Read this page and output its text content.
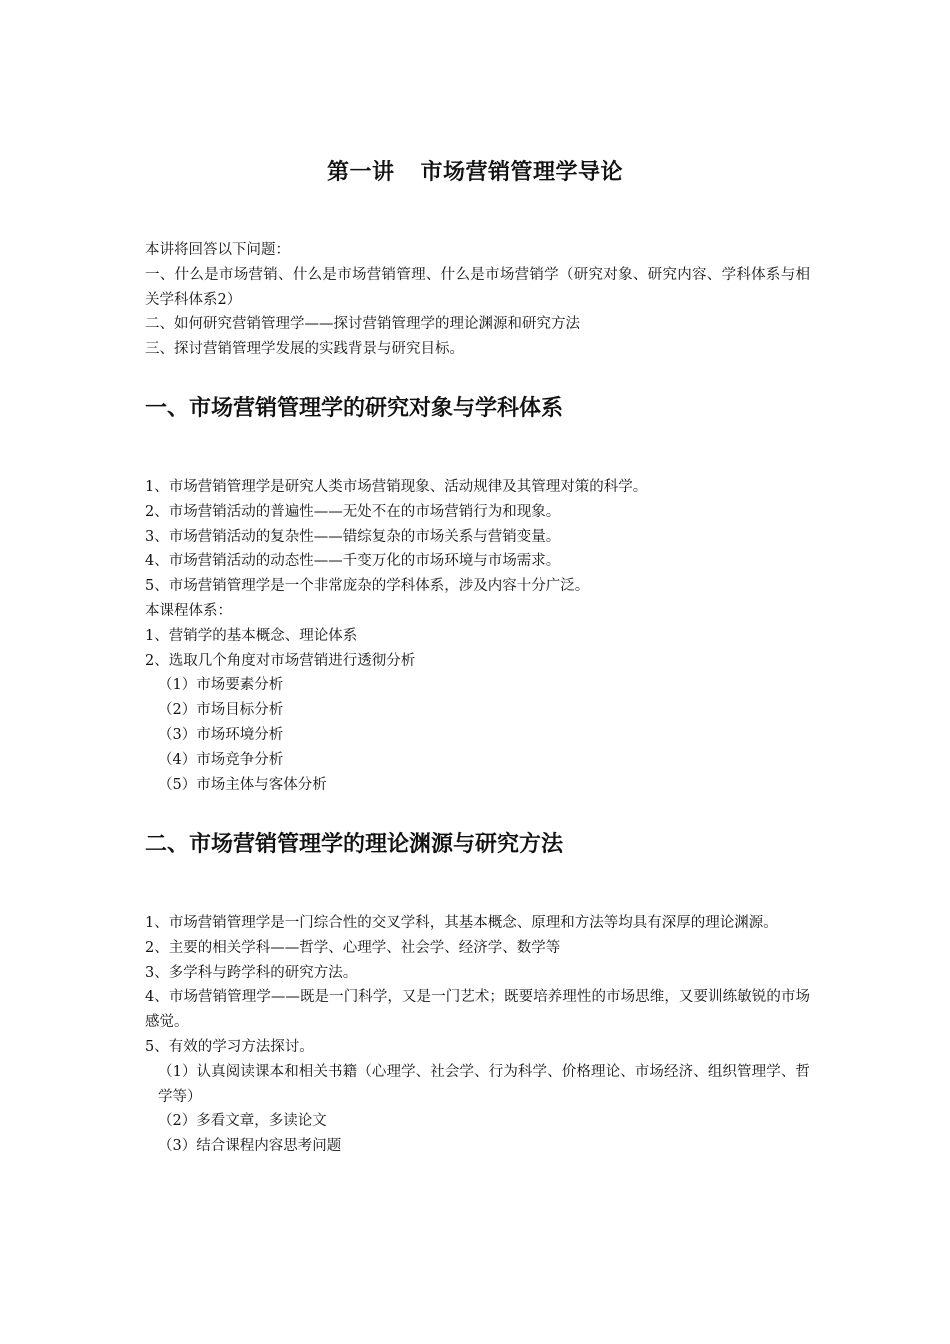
第一讲 市场营销管理学导论

本讲将回答以下问题：

一、什么是市场营销、什么是市场营销管理、什么是市场营销学（研究对象、研究内容、学科体系与相关学科体系2）

二、如何研究营销管理学——探讨营销管理学的理论渊源和研究方法

三、探讨营销管理学发展的实践背景与研究目标。

一、市场营销管理学的研究对象与学科体系

1、市场营销管理学是研究人类市场营销现象、活动规律及其管理对策的科学。

2、市场营销活动的普遍性——无处不在的市场营销行为和现象。

3、市场营销活动的复杂性——错综复杂的市场关系与营销变量。

4、市场营销活动的动态性——千变万化的市场环境与市场需求。

5、市场营销管理学是一个非常庞杂的学科体系，涉及内容十分广泛。

本课程体系：

1、营销学的基本概念、理论体系

2、选取几个角度对市场营销进行透彻分析

（1）市场要素分析

（2）市场目标分析

（3）市场环境分析

（4）市场竞争分析

（5）市场主体与客体分析

二、市场营销管理学的理论渊源与研究方法

1、市场营销管理学是一门综合性的交叉学科，其基本概念、原理和方法等均具有深厚的理论渊源。

2、主要的相关学科——哲学、心理学、社会学、经济学、数学等

3、多学科与跨学科的研究方法。

4、市场营销管理学——既是一门科学，又是一门艺术；既要培养理性的市场思维，又要训练敏锐的市场感觉。

5、有效的学习方法探讨。

（1）认真阅读课本和相关书籍（心理学、社会学、行为科学、价格理论、市场经济、组织管理学、哲学等）

（2）多看文章，多读论文

（3）结合课程内容思考问题
